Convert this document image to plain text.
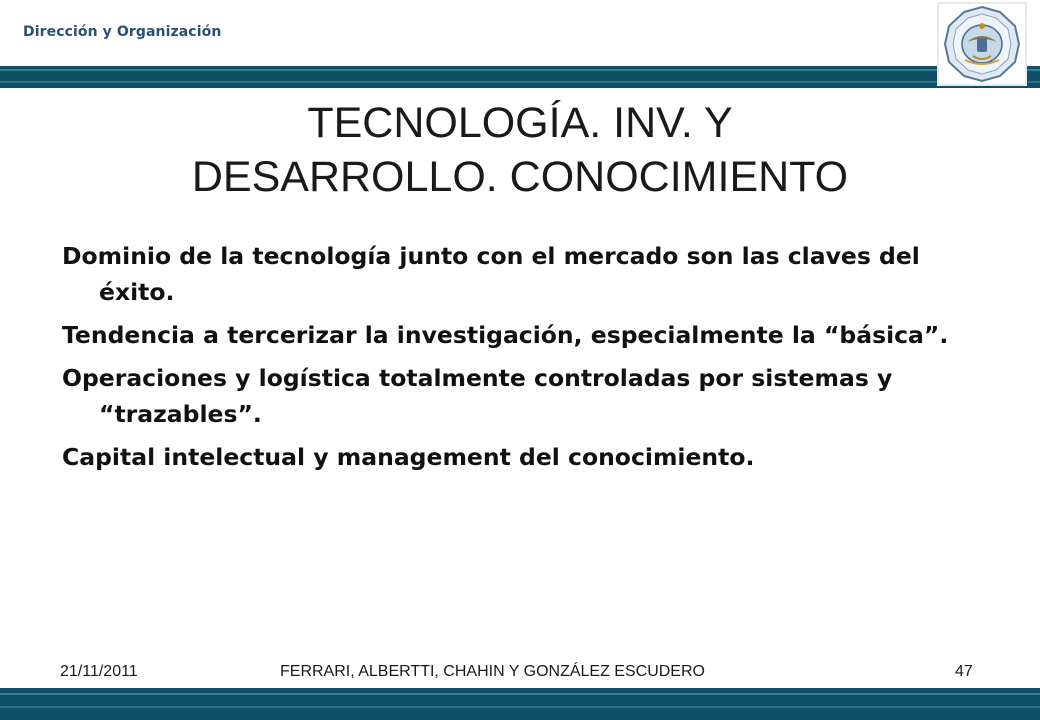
Dirección y Organización
TECNOLOGÍA. INV. Y
DESARROLLO. CONOCIMIENTO
Dominio de la tecnología junto con el mercado son las claves del éxito.
Tendencia a tercerizar la investigación, especialmente la “básica”.
Operaciones y logística totalmente controladas por sistemas y “trazables”.
Capital intelectual y management del conocimiento.
21/11/2011	FERRARI, ALBERTTI, CHAHIN Y GONZÁLEZ ESCUDERO	47
